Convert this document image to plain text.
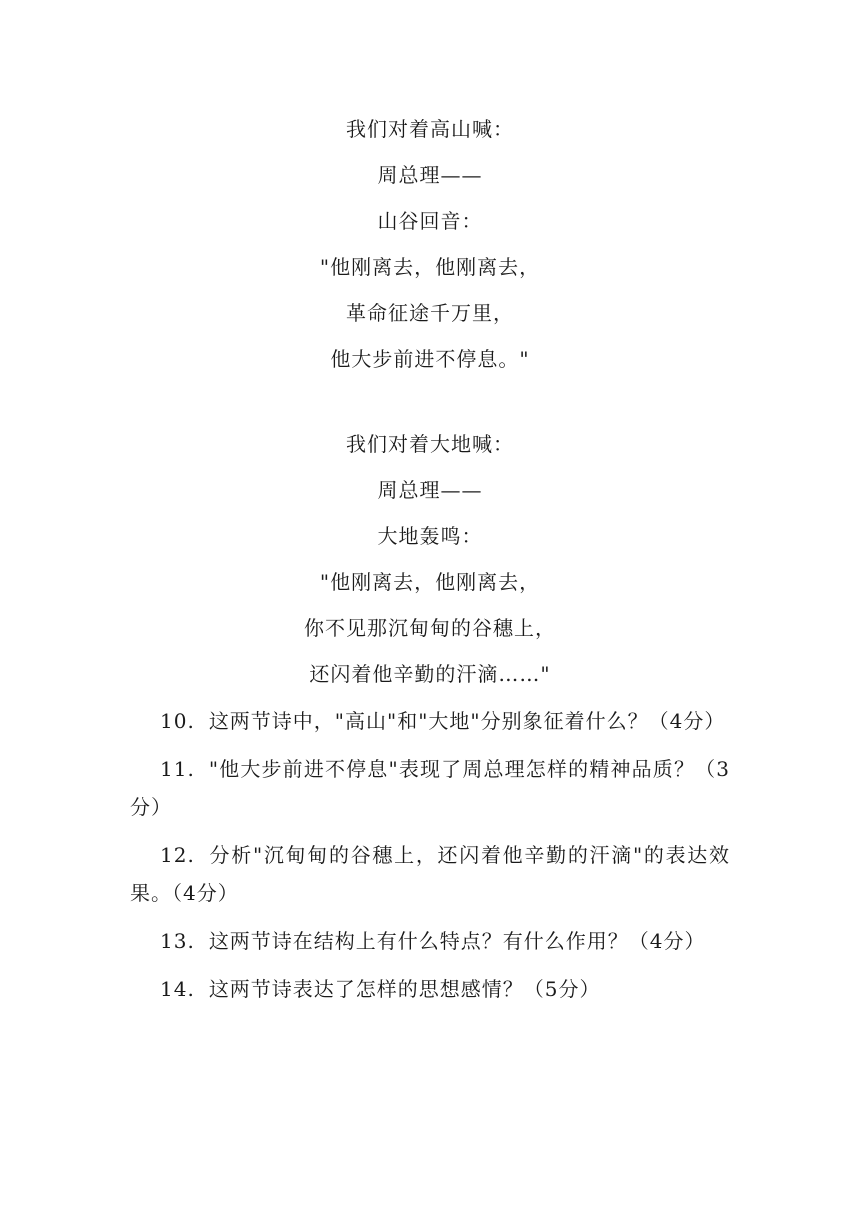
我们对着高山喊：
周总理——
山谷回音：
"他刚离去，他刚离去，
革命征途千万里，
他大步前进不停息。"
我们对着大地喊：
周总理——
大地轰鸣：
"他刚离去，他刚离去，
你不见那沉甸甸的谷穗上，
还闪着他辛勤的汗滴……"

10. 这两节诗中，"高山"和"大地"分别象征着什么？（4分）

11. "他大步前进不停息"表现了周总理怎样的精神品质？（3分）

12. 分析"沉甸甸的谷穗上，还闪着他辛勤的汗滴"的表达效果。（4分）

13. 这两节诗在结构上有什么特点？有什么作用？（4分）

14. 这两节诗表达了怎样的思想感情？（5分）
